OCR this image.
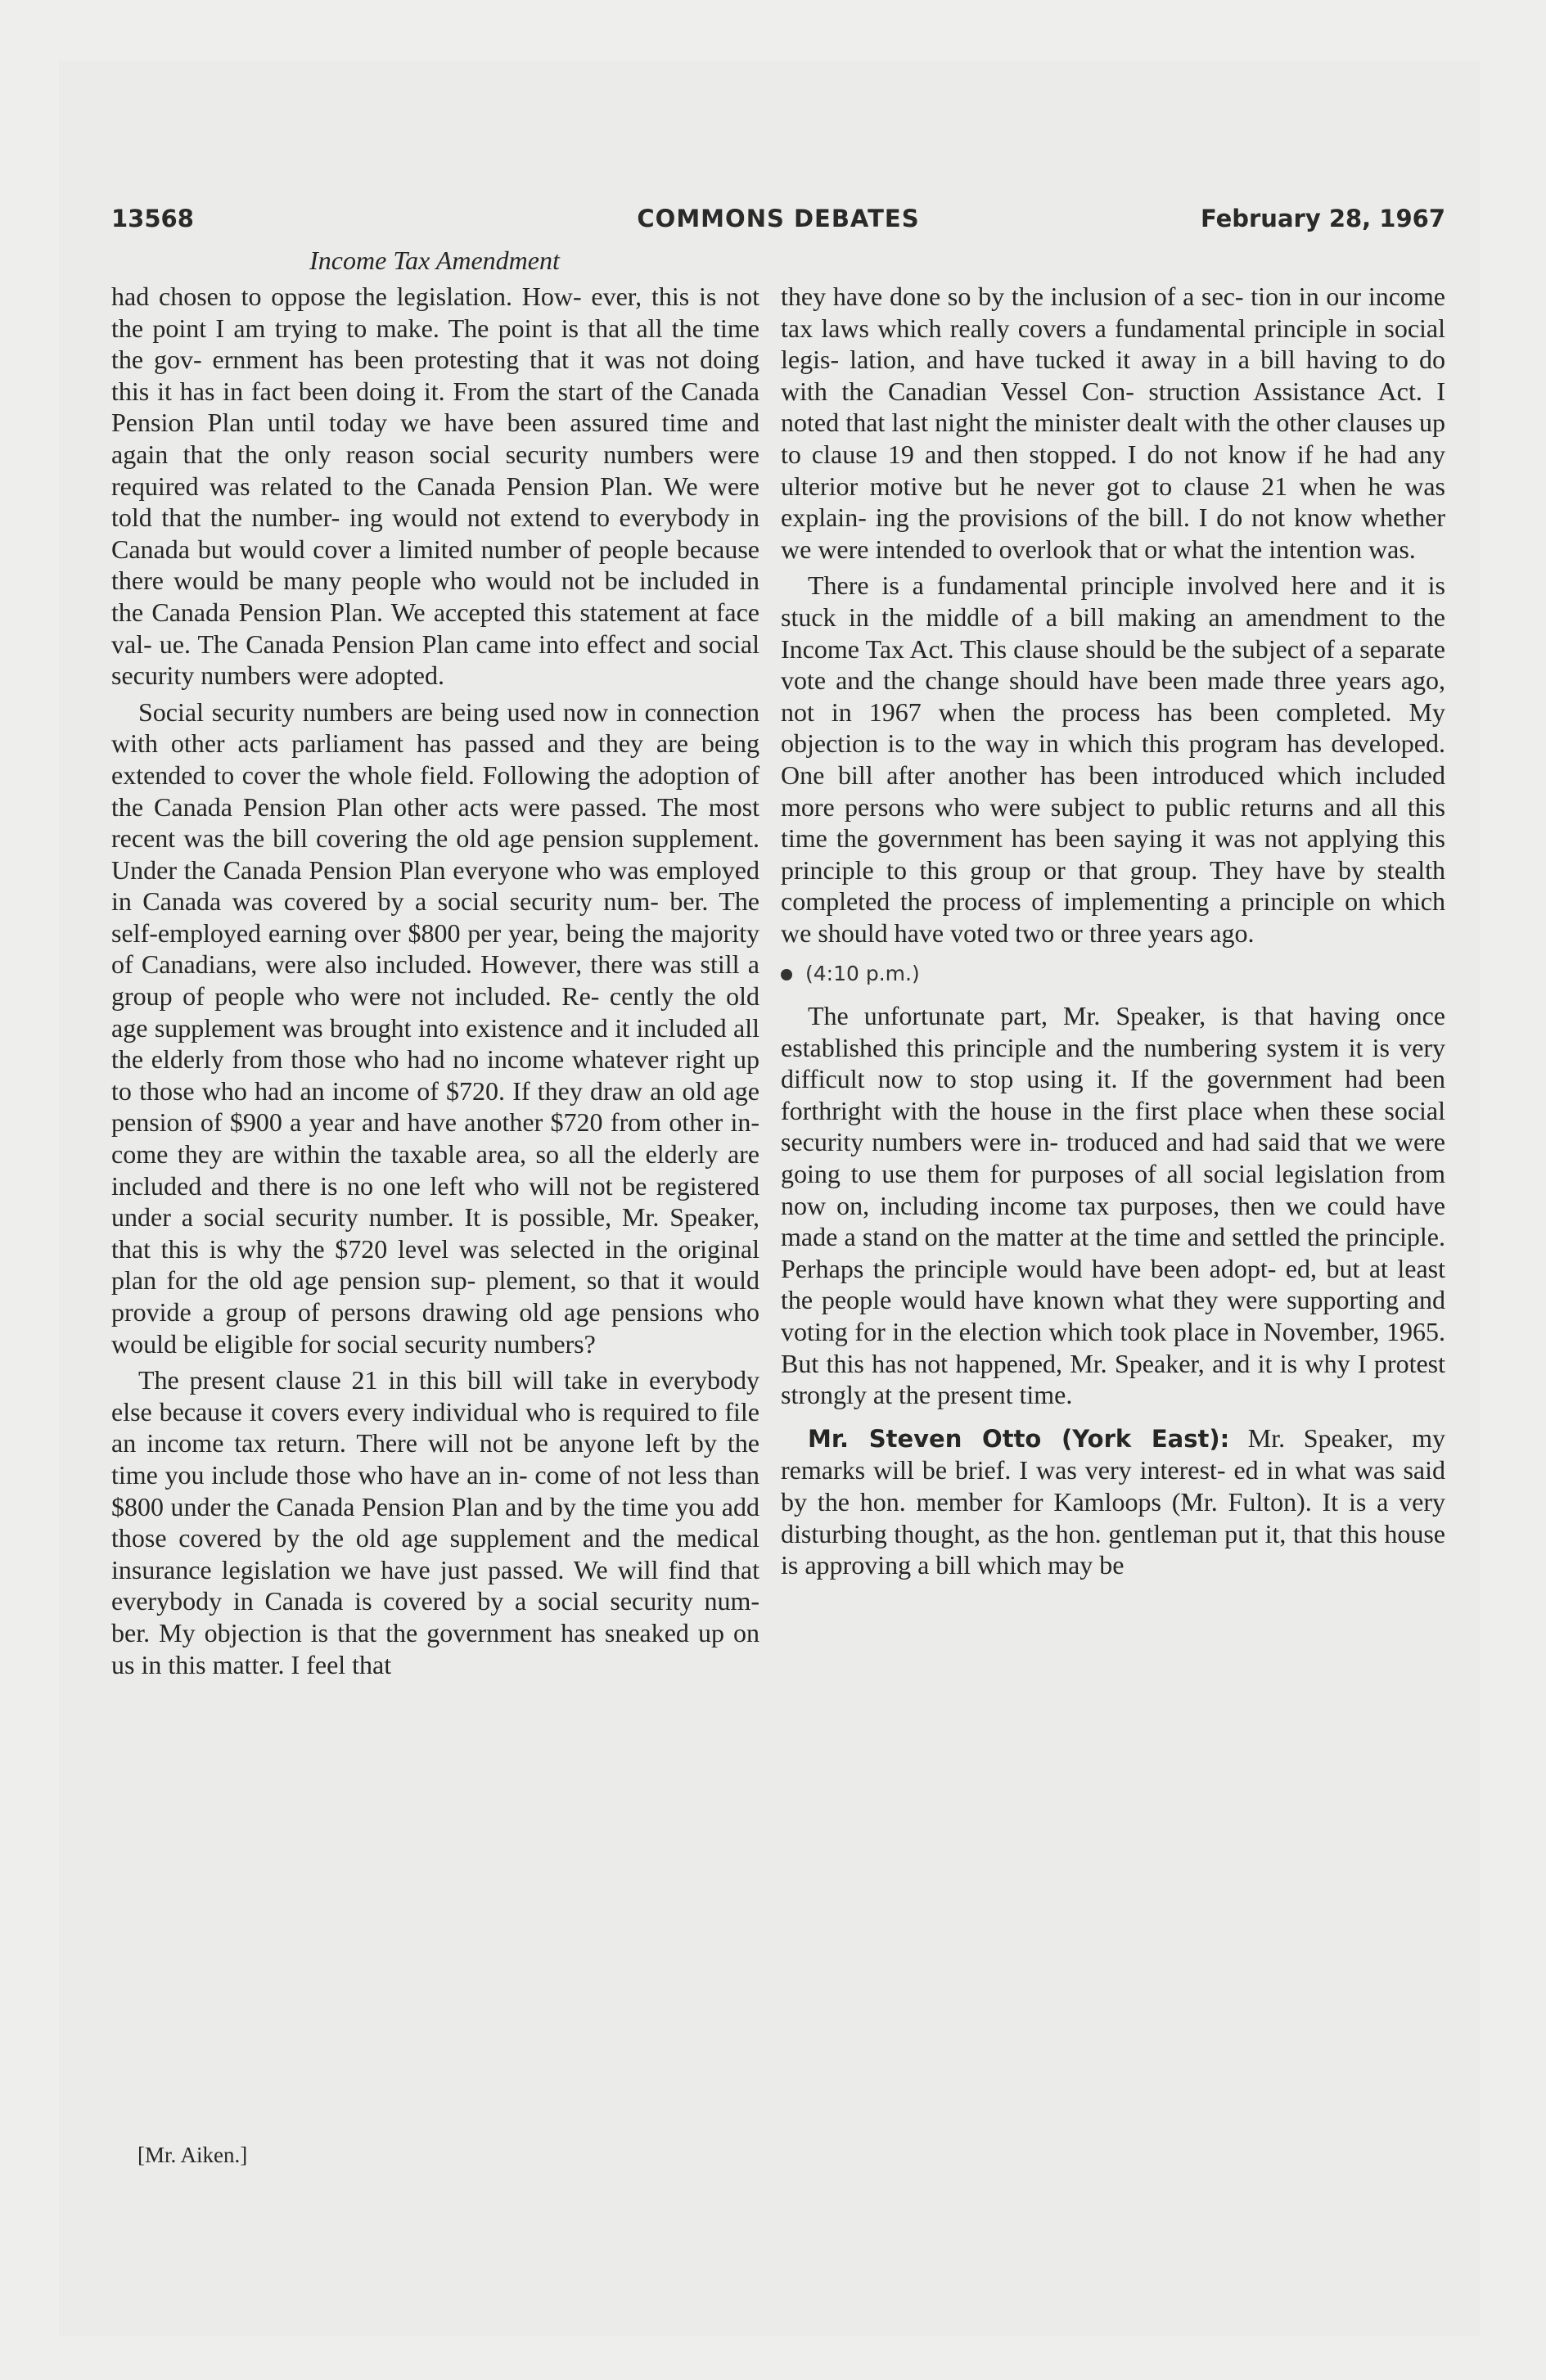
13568	COMMONS DEBATES	February 28, 1967
Income Tax Amendment

had chosen to oppose the legislation. How- ever, this is not the point I am trying to make. The point is that all the time the gov- ernment has been protesting that it was not doing this it has in fact been doing it. From the start of the Canada Pension Plan until today we have been assured time and again that the only reason social security numbers were required was related to the Canada Pension Plan. We were told that the number- ing would not extend to everybody in Canada but would cover a limited number of people because there would be many people who would not be included in the Canada Pension Plan. We accepted this statement at face val- ue. The Canada Pension Plan came into effect and social security numbers were adopted.

Social security numbers are being used now in connection with other acts parliament has passed and they are being extended to cover the whole field. Following the adoption of the Canada Pension Plan other acts were passed. The most recent was the bill covering the old age pension supplement. Under the Canada Pension Plan everyone who was employed in Canada was covered by a social security num- ber. The self-employed earning over $800 per year, being the majority of Canadians, were also included. However, there was still a group of people who were not included. Re- cently the old age supplement was brought into existence and it included all the elderly from those who had no income whatever right up to those who had an income of $720. If they draw an old age pension of $900 a year and have another $720 from other in- come they are within the taxable area, so all the elderly are included and there is no one left who will not be registered under a social security number. It is possible, Mr. Speaker, that this is why the $720 level was selected in the original plan for the old age pension sup- plement, so that it would provide a group of persons drawing old age pensions who would be eligible for social security numbers?

The present clause 21 in this bill will take in everybody else because it covers every individual who is required to file an income tax return. There will not be anyone left by the time you include those who have an in- come of not less than $800 under the Canada Pension Plan and by the time you add those covered by the old age supplement and the medical insurance legislation we have just passed. We will find that everybody in Canada is covered by a social security num- ber. My objection is that the government has sneaked up on us in this matter. I feel that

they have done so by the inclusion of a sec- tion in our income tax laws which really covers a fundamental principle in social legis- lation, and have tucked it away in a bill having to do with the Canadian Vessel Con- struction Assistance Act. I noted that last night the minister dealt with the other clauses up to clause 19 and then stopped. I do not know if he had any ulterior motive but he never got to clause 21 when he was explain- ing the provisions of the bill. I do not know whether we were intended to overlook that or what the intention was.

There is a fundamental principle involved here and it is stuck in the middle of a bill making an amendment to the Income Tax Act. This clause should be the subject of a separate vote and the change should have been made three years ago, not in 1967 when the process has been completed. My objection is to the way in which this program has developed. One bill after another has been introduced which included more persons who were subject to public returns and all this time the government has been saying it was not applying this principle to this group or that group. They have by stealth completed the process of implementing a principle on which we should have voted two or three years ago.

(4:10 p.m.)

The unfortunate part, Mr. Speaker, is that having once established this principle and the numbering system it is very difficult now to stop using it. If the government had been forthright with the house in the first place when these social security numbers were in- troduced and had said that we were going to use them for purposes of all social legislation from now on, including income tax purposes, then we could have made a stand on the matter at the time and settled the principle. Perhaps the principle would have been adopt- ed, but at least the people would have known what they were supporting and voting for in the election which took place in November, 1965. But this has not happened, Mr. Speaker, and it is why I protest strongly at the present time.

Mr. Steven Otto (York East): Mr. Speaker, my remarks will be brief. I was very interest- ed in what was said by the hon. member for Kamloops (Mr. Fulton). It is a very disturbing thought, as the hon. gentleman put it, that this house is approving a bill which may be

[Mr. Aiken.]
